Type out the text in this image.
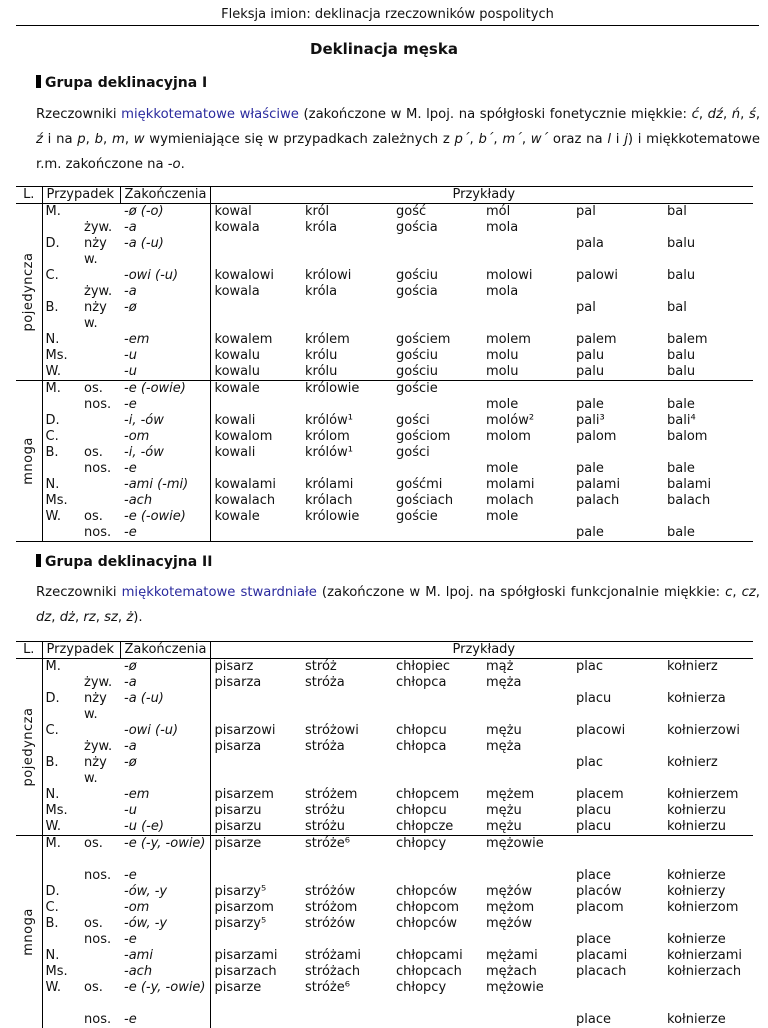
Fleksja imion: deklinacja rzeczowników pospolitych
Deklinacja męska
Grupa deklinacyjna I
Rzeczowniki miękkotematowe właściwe (zakończone w M. lpoj. na spółgłoski fonetycznie miękkie: ć, dź, ń, ś, ź i na p, b, m, w wymieniające się w przypadkach zależnych z p´, b´, m´, w´ oraz na l i j) i miękkotematowe r.m. zakończone na -o.
L.	Przypadek		Zakończenia	Przykłady					

pojedyncza	M.		-ø (-o)	kowal	król	gość	mól	pal	bal
		żyw.	-a	kowala	króla	gościa	mola		
	D.	nżyw.	-a (-u)					pala	balu
	C.		-owi (-u)	kowalowi	królowi	gościu	molowi	palowi	balu
		żyw.	-a	kowala	króla	gościa	mola		
	B.	nżyw.	-ø					pal	bal
	N.		-em	kowalem	królem	gościem	molem	palem	balem
	Ms.		-u	kowalu	królu	gościu	molu	palu	balu
	W.		-u	kowalu	królu	gościu	molu	palu	balu

mnoga	M.	os.	-e (-owie)	kowale	królowie	goście			
		nos.	-e				mole	pale	bale
	D.		-i, -ów	kowali	królów¹	gości	molów²	pali³	bali⁴
	C.		-om	kowalom	królom	gościom	molom	palom	balom
	B.	os.	-i, -ów	kowali	królów¹	gości			
		nos.	-e				mole	pale	bale
	N.		-ami (-mi)	kowalami	królami	gośćmi	molami	palami	balami
	Ms.		-ach	kowalach	królach	gościach	molach	palach	balach
	W.	os.	-e (-owie)	kowale	królowie	goście	mole		
		nos.	-e					pale	bale
Grupa deklinacyjna II
Rzeczowniki miękkotematowe stwardniałe (zakończone w M. lpoj. na spółgłoski funkcjonalnie miękkie: c, cz, dz, dż, rz, sz, ż).
L.	Przypadek		Zakończenia	Przykłady					

pojedyncza	M.		-ø	pisarz	stróż	chłopiec	mąż	plac	kołnierz
		żyw.	-a	pisarza	stróża	chłopca	męża		
	D.	nżyw.	-a (-u)					placu	kołnierza
	C.		-owi (-u)	pisarzowi	stróżowi	chłopcu	mężu	placowi	kołnierzowi
		żyw.	-a	pisarza	stróża	chłopca	męża		
	B.	nżyw.	-ø					plac	kołnierz
	N.		-em	pisarzem	stróżem	chłopcem	mężem	placem	kołnierzem
	Ms.		-u	pisarzu	stróżu	chłopcu	mężu	placu	kołnierzu
	W.		-u (-e)	pisarzu	stróżu	chłopcze	mężu	placu	kołnierzu

mnoga	M.	os.	-e (-y, -owie)	pisarze	stróże⁶	chłopcy	mężowie		
		nos.	-e					place	kołnierze
	D.		-ów, -y	pisarzy⁵	stróżów	chłopców	mężów	placów	kołnierzy
	C.		-om	pisarzom	stróżom	chłopcom	mężom	placom	kołnierzom
	B.	os.	-ów, -y	pisarzy⁵	stróżów	chłopców	mężów		
		nos.	-e					place	kołnierze
	N.		-ami	pisarzami	stróżami	chłopcami	mężami	placami	kołnierzami
	Ms.		-ach	pisarzach	stróżach	chłopcach	mężach	placach	kołnierzach
	W.	os.	-e (-y, -owie)	pisarze	stróże⁶	chłopcy	mężowie		
		nos.	-e					place	kołnierze
